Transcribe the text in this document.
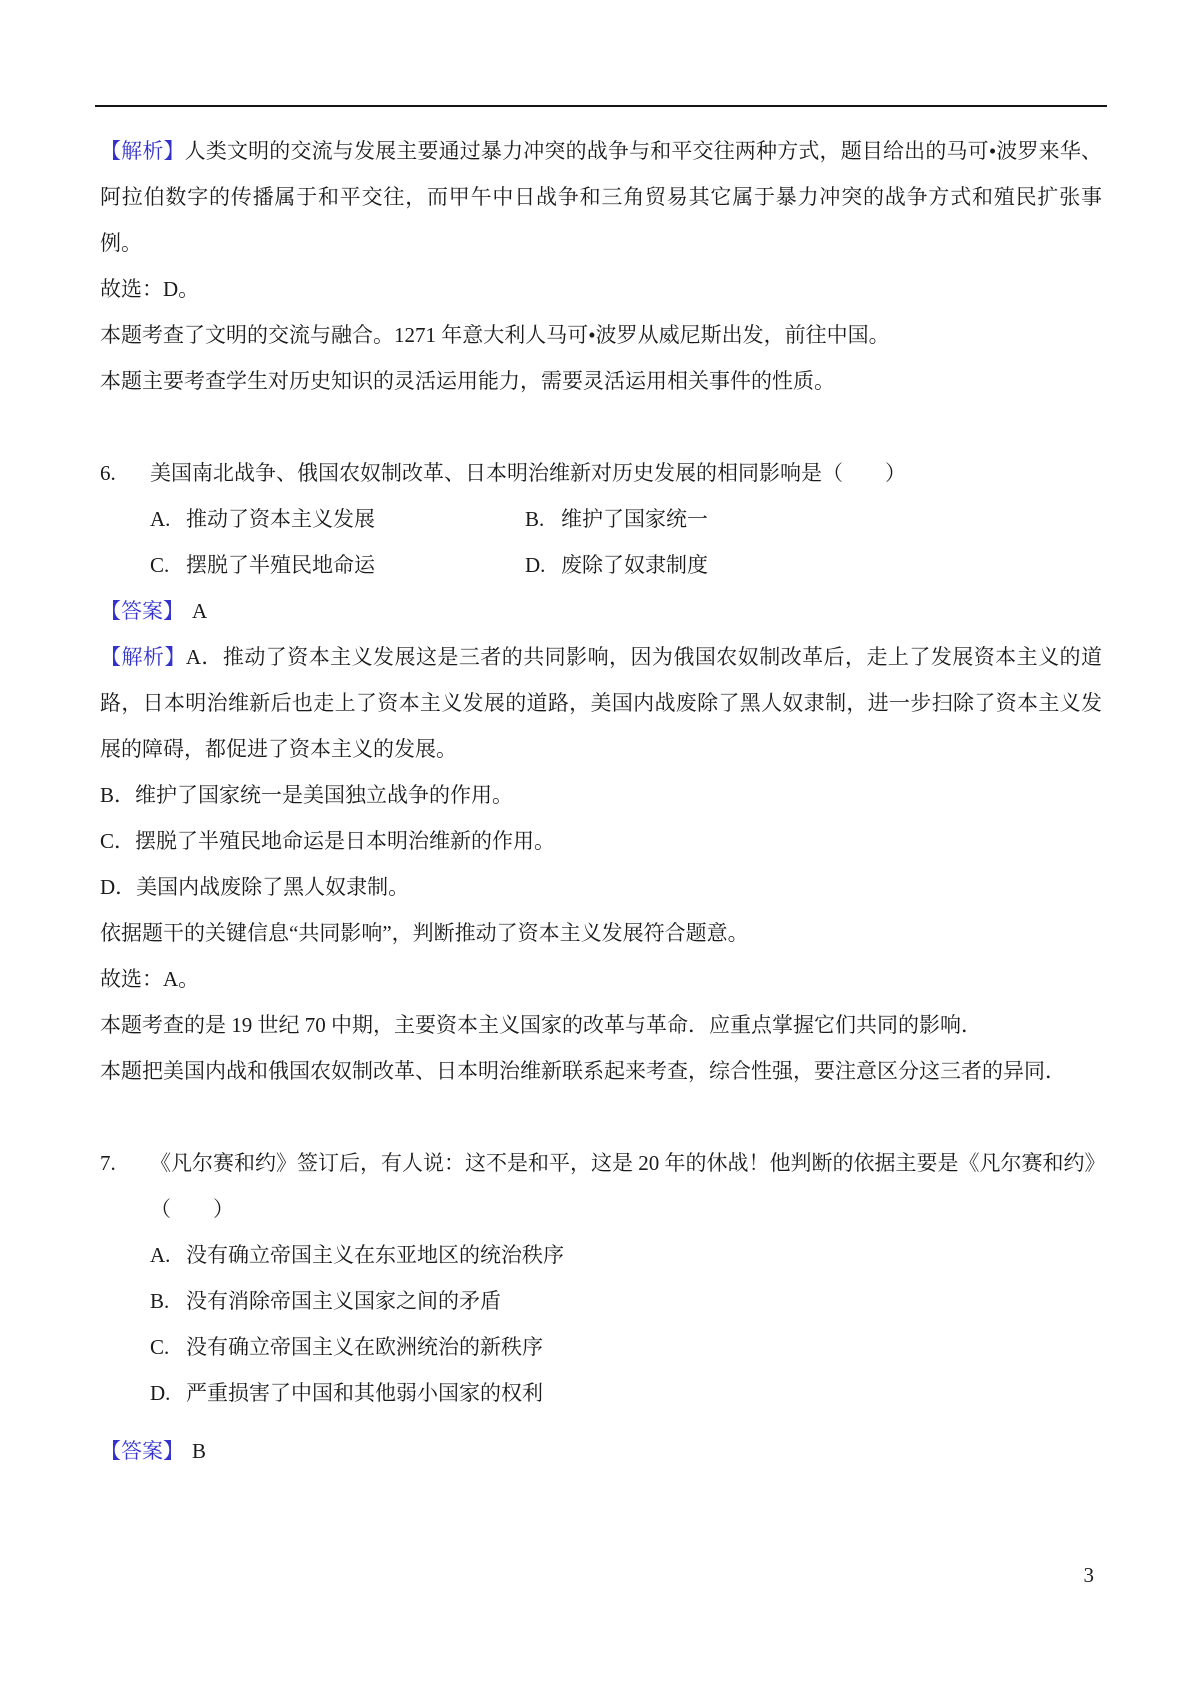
【解析】人类文明的交流与发展主要通过暴力冲突的战争与和平交往两种方式，题目给出的马可•波罗来华、阿拉伯数字的传播属于和平交往，而甲午中日战争和三角贸易其它属于暴力冲突的战争方式和殖民扩张事例。

故选：D。

本题考查了文明的交流与融合。1271 年意大利人马可•波罗从威尼斯出发，前往中国。

本题主要考查学生对历史知识的灵活运用能力，需要灵活运用相关事件的性质。

6. 美国南北战争、俄国农奴制改革、日本明治维新对历史发展的相同影响是（　　）

A. 推动了资本主义发展	B. 维护了国家统一
C. 摆脱了半殖民地命运	D. 废除了奴隶制度

【答案】 A

【解析】A．推动了资本主义发展这是三者的共同影响，因为俄国农奴制改革后，走上了发展资本主义的道路，日本明治维新后也走上了资本主义发展的道路，美国内战废除了黑人奴隶制，进一步扫除了资本主义发展的障碍，都促进了资本主义的发展。

B．维护了国家统一是美国独立战争的作用。

C．摆脱了半殖民地命运是日本明治维新的作用。

D．美国内战废除了黑人奴隶制。

依据题干的关键信息“共同影响”，判断推动了资本主义发展符合题意。

故选：A。

本题考查的是 19 世纪 70 中期，主要资本主义国家的改革与革命．应重点掌握它们共同的影响．

本题把美国内战和俄国农奴制改革、日本明治维新联系起来考查，综合性强，要注意区分这三者的异同．

7. 《凡尔赛和约》签订后，有人说：这不是和平，这是 20 年的休战！他判断的依据主要是《凡尔赛和约》

（　　）

A. 没有确立帝国主义在东亚地区的统治秩序
B. 没有消除帝国主义国家之间的矛盾
C. 没有确立帝国主义在欧洲统治的新秩序
D. 严重损害了中国和其他弱小国家的权利

【答案】 B

3
